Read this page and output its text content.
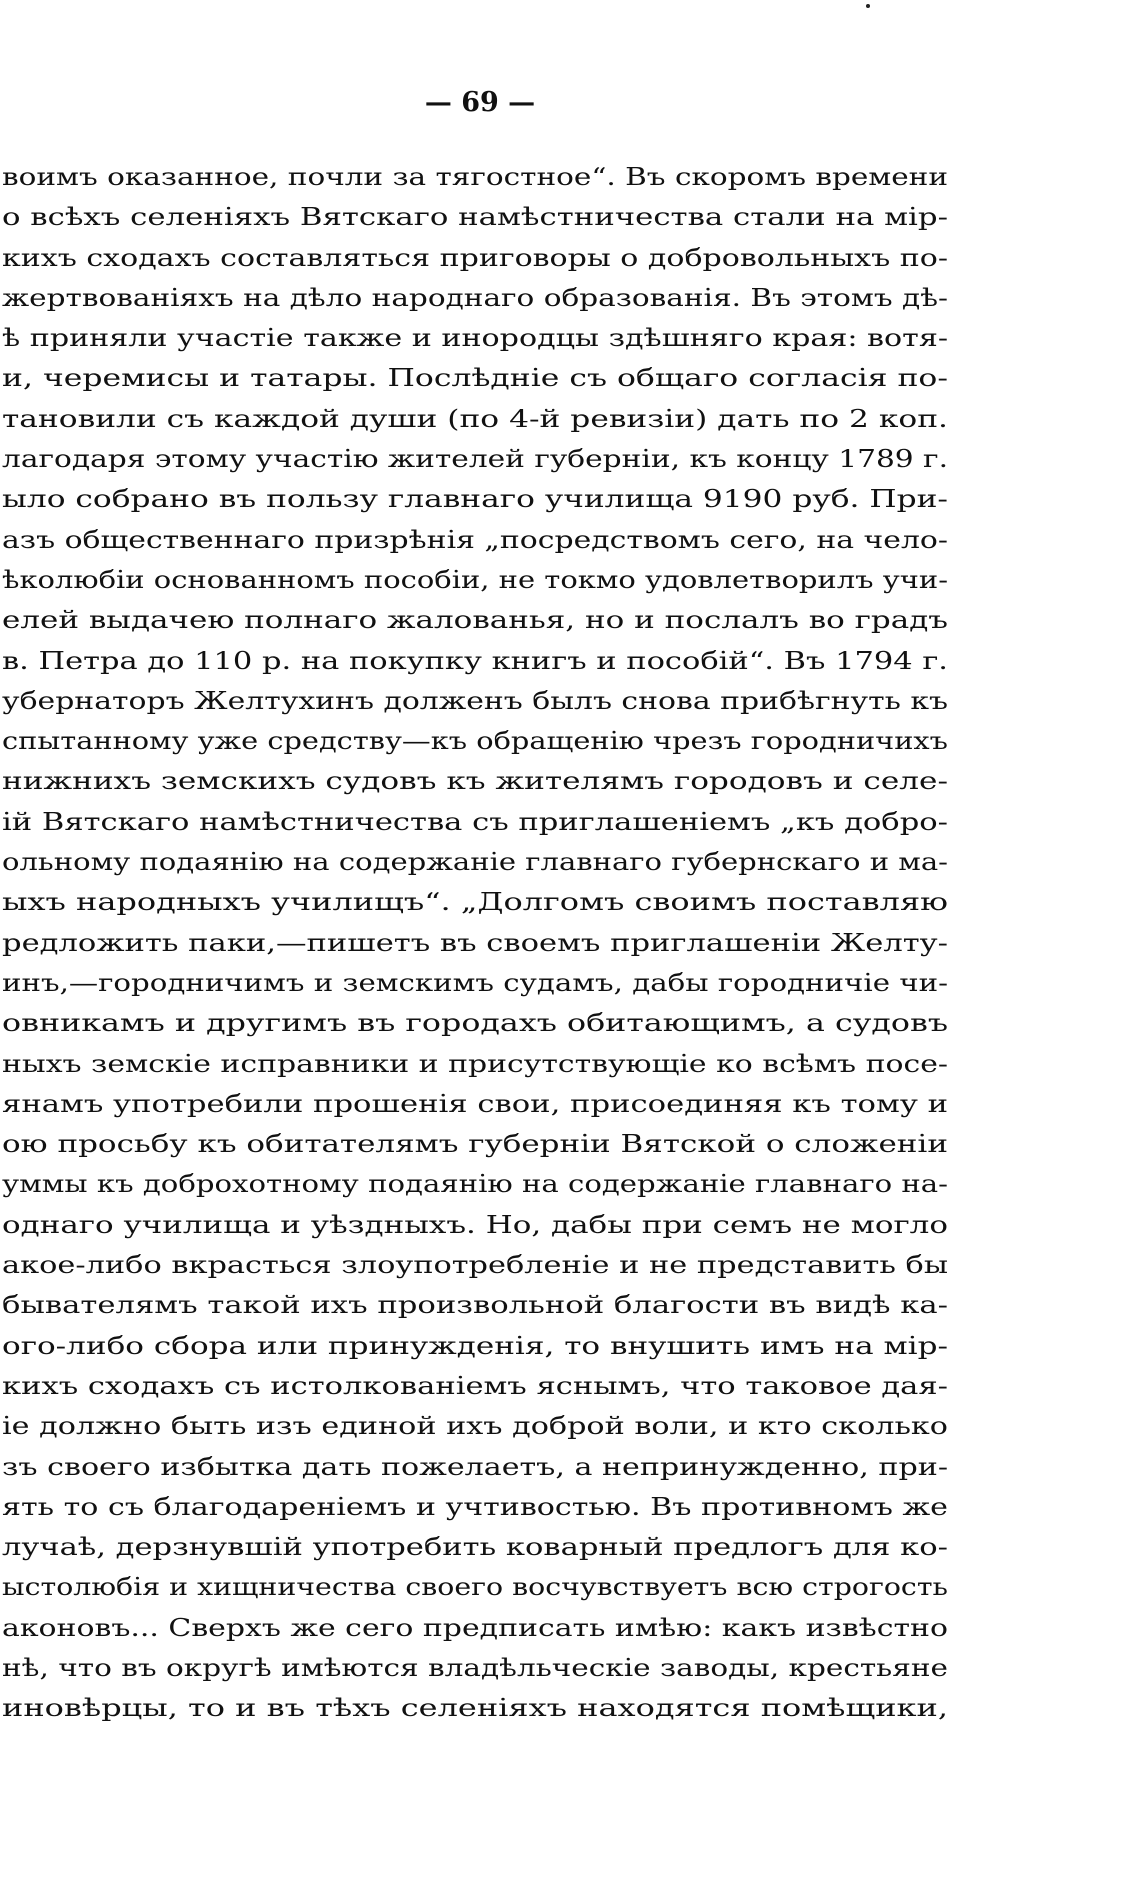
— 69 —
воимъ оказанное, почли за тягостное“. Въ скоромъ времени
о всѣхъ селеніяхъ Вятскаго намѣстничества стали на мір-
кихъ сходахъ составляться приговоры о добровольныхъ по-
жертвованіяхъ на дѣло народнаго образованія. Въ этомъ дѣ-
ѣ приняли участіе также и инородцы здѣшняго края: вотя-
и, черемисы и татары. Послѣдніе съ общаго согласія по-
тановили съ каждой души (по 4-й ревизіи) дать по 2 коп.
лагодаря этому участію жителей губерніи, къ концу 1789 г.
ыло собрано въ пользу главнаго училища 9190 руб. При-
азъ общественнаго призрѣнія „посредствомъ сего, на чело-
ѣколюбіи основанномъ пособіи, не токмо удовлетворилъ учи-
елей выдачею полнаго жалованья, но и послалъ во градъ
в. Петра до 110 р. на покупку книгъ и пособій“. Въ 1794 г.
убернаторъ Желтухинъ долженъ былъ снова прибѣгнуть къ
спытанному уже средству—къ обращенію чрезъ городничихъ
нижнихъ земскихъ судовъ къ жителямъ городовъ и селе-
ій Вятскаго намѣстничества съ приглашеніемъ „къ добро-
ольному подаянію на содержаніе главнаго губернскаго и ма-
ыхъ народныхъ училищъ“. „Долгомъ своимъ поставляю
редложить паки,—пишетъ въ своемъ приглашеніи Желту-
инъ,—городничимъ и земскимъ судамъ, дабы городничіе чи-
овникамъ и другимъ въ городахъ обитающимъ, а судовъ
ныхъ земскіе исправники и присутствующіе ко всѣмъ посе-
янамъ употребили прошенія свои, присоединяя къ тому и
ою просьбу къ обитателямъ губерніи Вятской о сложеніи
уммы къ доброхотному подаянію на содержаніе главнаго на-
однаго училища и уѣздныхъ. Но, дабы при семъ не могло
акое-либо вкрасться злоупотребленіе и не представить бы
бывателямъ такой ихъ произвольной благости въ видѣ ка-
ого-либо сбора или принужденія, то внушить имъ на мір-
кихъ сходахъ съ истолкованіемъ яснымъ, что таковое дая-
іе должно быть изъ единой ихъ доброй воли, и кто сколько
зъ своего избытка дать пожелаетъ, а непринужденно, при-
ять то съ благодареніемъ и учтивостью. Въ противномъ же
лучаѣ, дерзнувшій употребить коварный предлогъ для ко-
ыстолюбія и хищничества своего восчувствуетъ всю строгость
аконовъ... Сверхъ же сего предписать имѣю: какъ извѣстно
нѣ, что въ округѣ имѣются владѣльческіе заводы, крестьяне
иновѣрцы, то и въ тѣхъ селеніяхъ находятся помѣщики,
